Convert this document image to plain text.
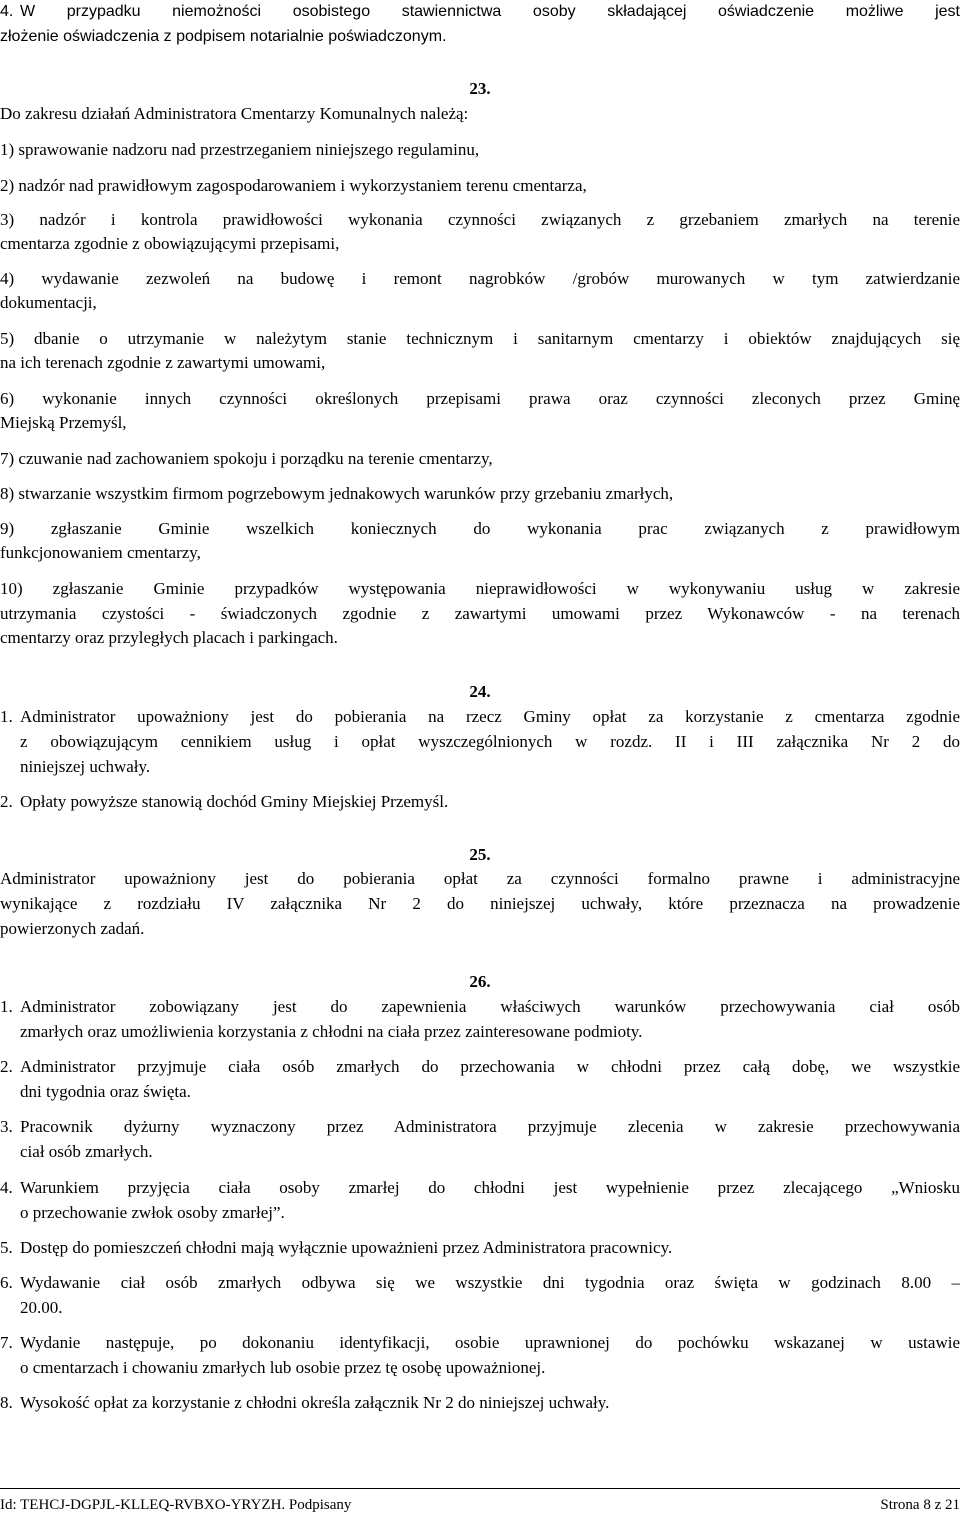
4. W przypadku niemożności osobistego stawiennictwa osoby składającej oświadczenie możliwe jest
złożenie oświadczenia z podpisem notarialnie poświadczonym.
23.
Do zakresu działań Administratora Cmentarzy Komunalnych należą:
1) sprawowanie nadzoru nad przestrzeganiem niniejszego regulaminu,
2) nadzór nad prawidłowym zagospodarowaniem i wykorzystaniem terenu cmentarza,
3) nadzór i kontrola prawidłowości wykonania czynności związanych z grzebaniem zmarłych na terenie
cmentarza zgodnie z obowiązującymi przepisami,
4) wydawanie zezwoleń na budowę i remont nagrobków /grobów murowanych w tym zatwierdzanie
dokumentacji,
5) dbanie o utrzymanie w należytym stanie technicznym i sanitarnym cmentarzy i obiektów znajdujących się
na ich terenach zgodnie z zawartymi umowami,
6) wykonanie innych czynności określonych przepisami prawa oraz czynności zleconych przez Gminę
Miejską Przemyśl,
7) czuwanie nad zachowaniem spokoju i porządku na terenie cmentarzy,
8) stwarzanie wszystkim firmom pogrzebowym jednakowych warunków przy grzebaniu zmarłych,
9) zgłaszanie Gminie wszelkich koniecznych do wykonania prac związanych z prawidłowym
funkcjonowaniem cmentarzy,
10) zgłaszanie Gminie przypadków występowania nieprawidłowości w wykonywaniu usług w zakresie
utrzymania czystości - świadczonych zgodnie z zawartymi umowami przez Wykonawców - na terenach
cmentarzy oraz przyległych placach i parkingach.
24.
1. Administrator upoważniony jest do pobierania na rzecz Gminy opłat za korzystanie z cmentarza zgodnie
z obowiązującym cennikiem usług i opłat wyszczególnionych w rozdz. II i III załącznika Nr 2 do
niniejszej uchwały.
2. Opłaty powyższe stanowią dochód Gminy Miejskiej Przemyśl.
25.
Administrator upoważniony jest do pobierania opłat za czynności formalno prawne i administracyjne
wynikające z rozdziału IV załącznika Nr 2 do niniejszej uchwały, które przeznacza na prowadzenie
powierzonych zadań.
26.
1. Administrator zobowiązany jest do zapewnienia właściwych warunków przechowywania ciał osób
zmarłych oraz umożliwienia korzystania z chłodni na ciała przez zainteresowane podmioty.
2. Administrator przyjmuje ciała osób zmarłych do przechowania w chłodni przez całą dobę, we wszystkie
dni tygodnia oraz święta.
3. Pracownik dyżurny wyznaczony przez Administratora przyjmuje zlecenia w zakresie przechowywania
ciał osób zmarłych.
4. Warunkiem przyjęcia ciała osoby zmarłej do chłodni jest wypełnienie przez zlecającego „Wniosku
o przechowanie zwłok osoby zmarłej”.
5. Dostęp do pomieszczeń chłodni mają wyłącznie upoważnieni przez Administratora pracownicy.
6. Wydawanie ciał osób zmarłych odbywa się we wszystkie dni tygodnia oraz święta w godzinach 8.00 –
20.00.
7. Wydanie następuje, po dokonaniu identyfikacji, osobie uprawnionej do pochówku wskazanej w ustawie
o cmentarzach i chowaniu zmarłych lub osobie przez tę osobę upoważnionej.
8. Wysokość opłat za korzystanie z chłodni określa załącznik Nr 2 do niniejszej uchwały.
Id: TEHCJ-DGPJL-KLLEQ-RVBXO-YRYZH. Podpisany	Strona 8 z 21
